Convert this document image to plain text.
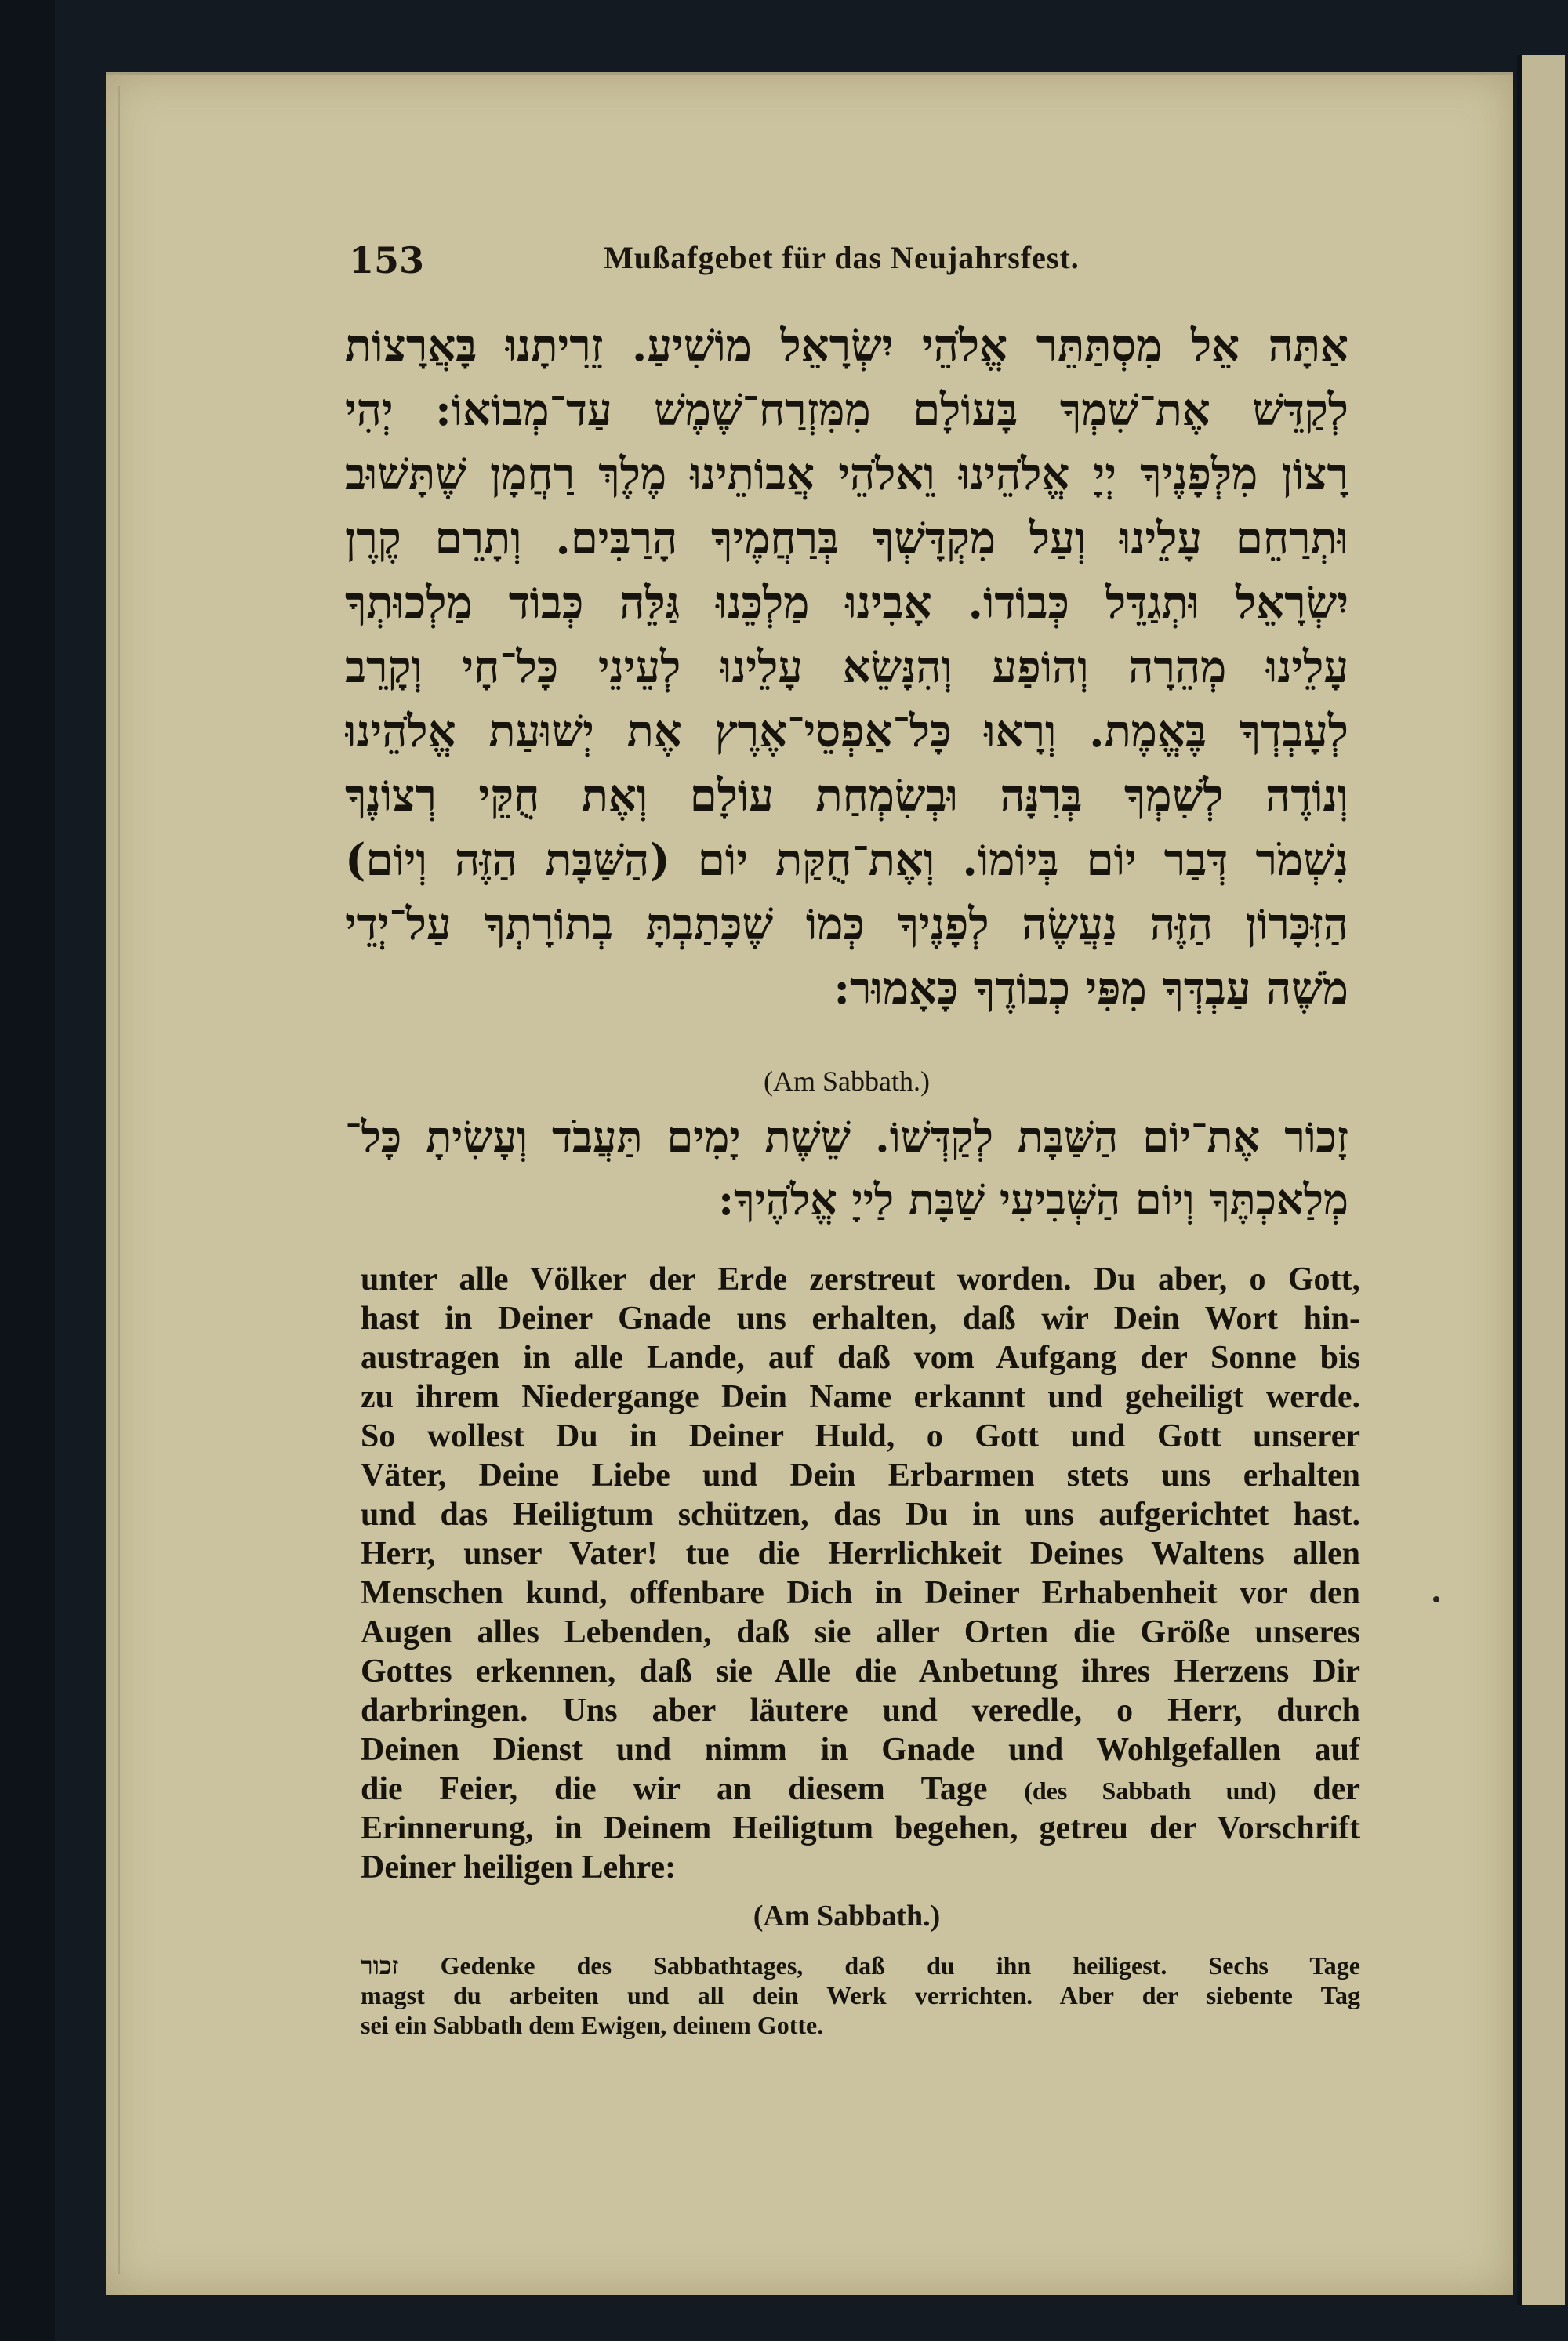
153	Mußafgebet für das Neujahrsfest.
אַתָּה אֵל מִסְתַּתֵּר אֱלֹהֵי יִשְׂרָאֵל מוֹשִׁיעַ. זֵרִיתָנוּ בָּאֲרָצוֹת
לְקַדֵּשׁ אֶת־שִׁמְךָ בָּעוֹלָם מִמִּזְרַח־שֶׁמֶשׁ עַד־מְבוֹאוֹ: יְהִי
רָצוֹן מִלְּפָנֶיךָ יְיָ אֱלֹהֵינוּ וֵאלֹהֵי אֲבוֹתֵינוּ מֶלֶךְ רַחֲמָן שֶׁתָּשׁוּב
וּתְרַחֵם עָלֵינוּ וְעַל מִקְדָּשְׁךָ בְּרַחֲמֶיךָ הָרַבִּים. וְתָרֵם קֶרֶן
יִשְׂרָאֵל וּתְגַדֵּל כְּבוֹדוֹ. אָבִינוּ מַלְכֵּנוּ גַּלֵּה כְּבוֹד מַלְכוּתְךָ
עָלֵינוּ מְהֵרָה וְהוֹפַע וְהִנָּשֵׂא עָלֵינוּ לְעֵינֵי כָּל־חָי וְקָרֵב
לְעָבְדְךָ בֶּאֱמֶת. וְרָאוּ כָּל־אַפְסֵי־אֶרֶץ אֶת יְשׁוּעַת אֱלֹהֵינוּ
וְנוֹדֶה לְשִׁמְךָ בְּרִנָּה וּבְשִׂמְחַת עוֹלָם וְאֶת חֻקֵּי רְצוֹנֶךָ
נִשְׁמֹר דְּבַר יוֹם בְּיוֹמוֹ. וְאֶת־חֻקַּת יוֹם (הַשַּׁבָּת הַזֶּה וְיוֹם)
הַזִּכָּרוֹן הַזֶּה נַעֲשֶׂה לְפָנֶיךָ כְּמוֹ שֶׁכָּתַבְתָּ בְתוֹרָתְךָ עַל־יְדֵי
מֹשֶׁה עַבְדְּךָ מִפִּי כְבוֹדֶךָ כָּאָמוּר:
(Am Sabbath.)
זָכוֹר אֶת־יוֹם הַשַּׁבָּת לְקַדְּשׁוֹ. שֵׁשֶׁת יָמִים תַּעֲבֹד וְעָשִׂיתָ כָּל־
מְלַאכְתֶּךָ וְיוֹם הַשְּׁבִיעִי שַׁבָּת לַייָ אֱלֹהֶיךָ:
unter alle Völker der Erde zerstreut worden. Du aber, o Gott,
hast in Deiner Gnade uns erhalten, daß wir Dein Wort hin-
austragen in alle Lande, auf daß vom Aufgang der Sonne bis
zu ihrem Niedergange Dein Name erkannt und geheiligt werde.
So wollest Du in Deiner Huld, o Gott und Gott unserer
Väter, Deine Liebe und Dein Erbarmen stets uns erhalten
und das Heiligtum schützen, das Du in uns aufgerichtet hast.
Herr, unser Vater! tue die Herrlichkeit Deines Waltens allen
Menschen kund, offenbare Dich in Deiner Erhabenheit vor den
Augen alles Lebenden, daß sie aller Orten die Größe unseres
Gottes erkennen, daß sie Alle die Anbetung ihres Herzens Dir
darbringen. Uns aber läutere und veredle, o Herr, durch
Deinen Dienst und nimm in Gnade und Wohlgefallen auf
die Feier, die wir an diesem Tage (des Sabbath und) der
Erinnerung, in Deinem Heiligtum begehen, getreu der Vorschrift
Deiner heiligen Lehre:
(Am Sabbath.)
זכור Gedenke des Sabbathtages, daß du ihn heiligest. Sechs Tage
magst du arbeiten und all dein Werk verrichten. Aber der siebente Tag
sei ein Sabbath dem Ewigen, deinem Gotte.
